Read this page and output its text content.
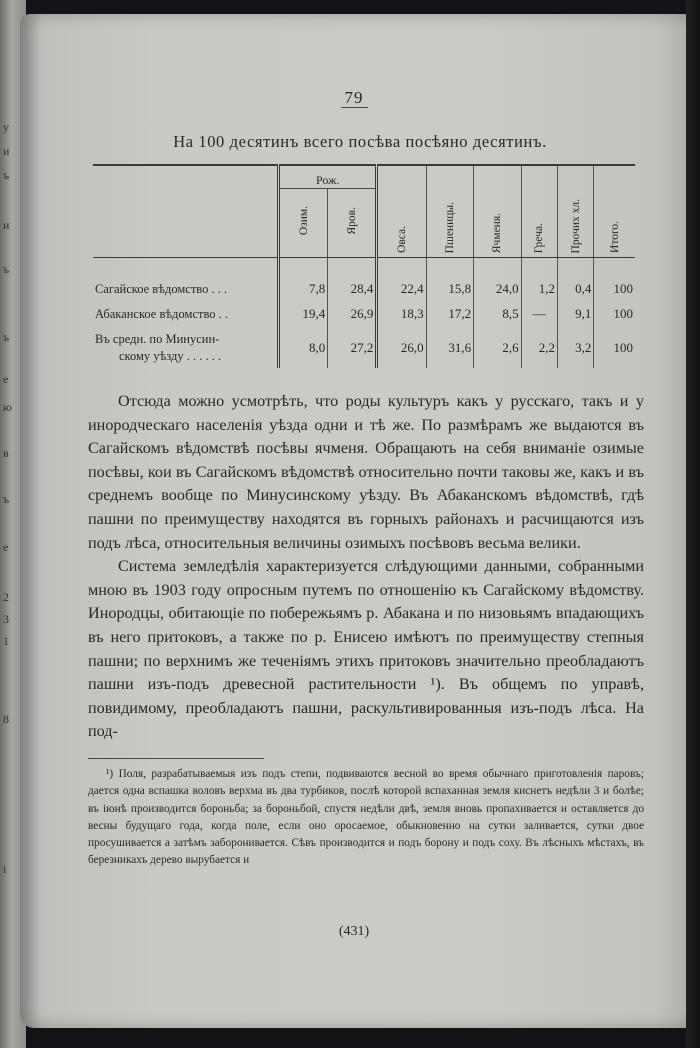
у
и
ъ
и
ъ
ъ
е
ю
в
ъ
е
2
3
1
8
і
79
На 100 десятинъ всего посѣва посѣяно десятинъ.
	Рож.		Овса.	Пшеницы.	Ячменя.	Греча.	Прочих хл.	Итого.
	Озим.	Яров.						
Сагайское вѣдомство . . .	7,8	28,4	22,4	15,8	24,0	1,2	0,4	100
Абаканское вѣдомство . .	19,4	26,9	18,3	17,2	8,5	—	9,1	100

Въ средн. по Минусин-
скому уѣзду . . . . . .	8,0	27,2	26,0	31,6	2,6	2,2	3,2	100

Отсюда можно усмотрѣть, что роды культуръ какъ у русскаго, такъ и у инородческаго населенія уѣзда одни и тѣ же. По размѣрамъ же выдаются въ Сагайскомъ вѣдомствѣ посѣвы ячменя. Обращають на себя вниманіе озимые посѣвы, кои въ Сагайскомъ вѣдомствѣ относительно почти таковы же, какъ и въ среднемъ вообще по Минусинскому уѣзду. Въ Абаканскомъ вѣдомствѣ, гдѣ пашни по преимуществу находятся въ горныхъ районахъ и расчищаются изъ подъ лѣса, относительныя величины озимыхъ посѣвовъ весьма велики.

Система земледѣлія характеризуется слѣдующими данными, собранными мною въ 1903 году опросным путемъ по отношенію къ Сагайскому вѣдомству. Инородцы, обитающіе по побережьямъ р. Абакана и по низовьямъ впадающихъ въ него притоковъ, а также по р. Енисею имѣютъ по преимуществу степныя пашни; по верхнимъ же теченіямъ этихъ притоковъ значительно преобладаютъ пашни изъ-подъ древесной растительности ¹). Въ общемъ по управѣ, повидимому, преобладаютъ пашни, раскультивированныя изъ-подъ лѣса. На под-

¹) Поля, разрабатываемыя изъ подъ степи, подвиваются весной во время обычнаго приготовленія паровъ; дается одна вспашка воловъ верхма въ два турбиков, послѣ которой вспаханная земля киснетъ недѣли 3 и болѣе; въ іюнѣ производится бороньба; за бороньбой, спустя недѣли двѣ, земля вновь пропахивается и оставляется до весны будущаго года, когда поле, если оно оросаемое, обыкновенно на сутки заливается, сутки двое просушивается а затѣмъ заборонивается. Сѣвъ производится и подъ борону и подъ соху. Въ лѣсныхъ мѣстахъ, въ березникахъ дерево вырубается и

(431)
